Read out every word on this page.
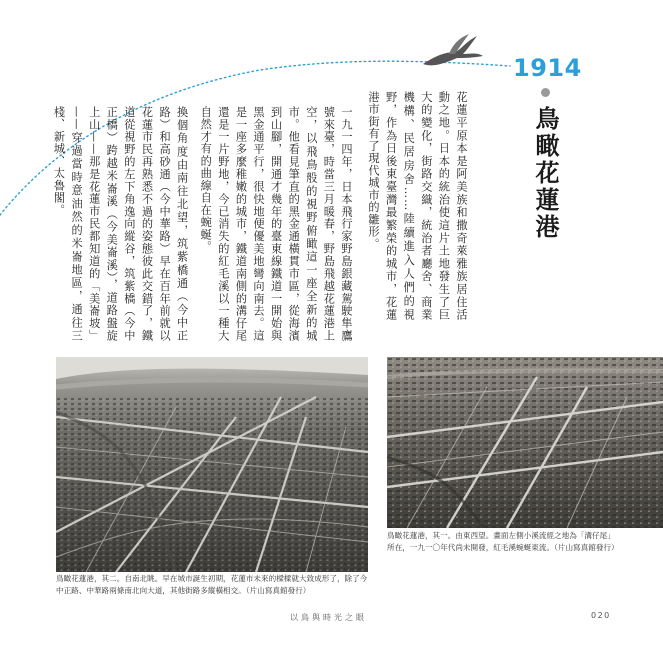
1914
鳥瞰花蓮港

花蓮平原本是阿美族和撒奇萊雅族居住活動之地。日本的統治使這片土地發生了巨大的變化，街路交織，統治者廳舍、商業機構、民居房舍……陸續進入人們的視野，作為日後東臺灣最繁榮的城市，花蓮港市街有了現代城市的雛形。

一九一四年，日本飛行家野島銀藏駕駛隼鷹號來臺，時當三月暖春，野島飛越花蓮港上空，以飛鳥般的視野俯瞰這一座全新的城市。他看見筆直的黑金通橫貫市區，從海濱到山腳，開通才幾年的臺東線鐵道一開始與黑金通平行，很快地便優美地彎向南去。這是一座多麼稚嫩的城市，鐵道南側的溝仔尾還是一片野地，今已消失的紅毛溪以一種大自然才有的曲線自在蜿蜒。

換個角度由南往北望，筑紫橋通（今中正路）和高砂通（今中華路）早在百年前就以花蓮市民再熟悉不過的姿態彼此交錯了，鐵道從視野的左下角逸向縱谷，筑紫橋（今中正橋）跨越米崙溪（今美崙溪），道路盤旋上山——那是花蓮市民都知道的「美崙坡」——穿過當時意油然的米崙地區，通往三棧、新城、太魯閣。

鳥瞰花蓮港，其二。自南北眺。早在城市誕生初期，花蓮市未來的樑樑就大致成形了，除了今中正路、中華路兩條南北向大道，其他街路多縱橫相交。（片山寫真館發行）

鳥瞰花蓮港，其一。由東西望。畫面左側小溪流經之地為「溝仔尾」所在，一九一〇年代尚未開發，紅毛溪蜿蜒東流。（片山寫真館發行）

以鳥與時光之眼	020
